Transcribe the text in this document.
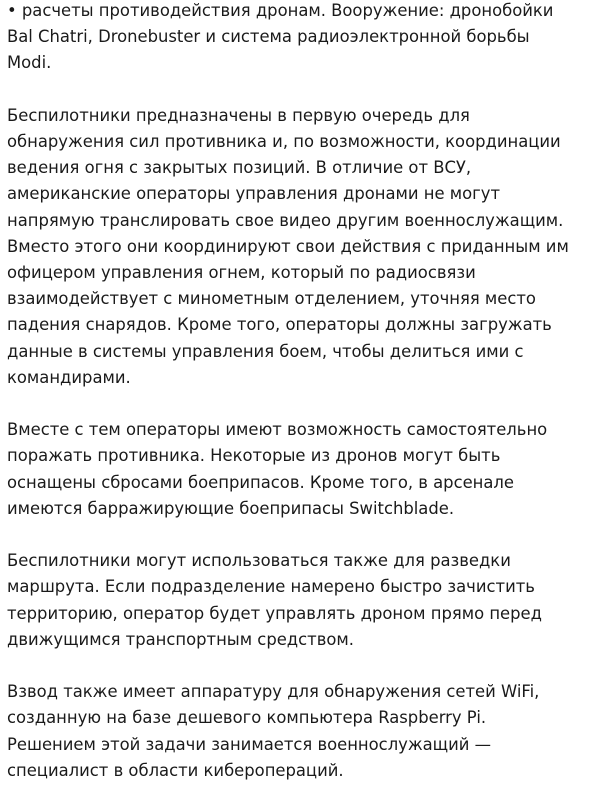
• расчеты противодействия дронам. Вооружение: дронобойки
Bal Chatri, Dronebuster и система радиоэлектронной борьбы
Modi.

Беспилотники предназначены в первую очередь для
обнаружения сил противника и, по возможности, координации
ведения огня с закрытых позиций. В отличие от ВСУ,
американские операторы управления дронами не могут
напрямую транслировать свое видео другим военнослужащим.
Вместо этого они координируют свои действия с приданным им
офицером управления огнем, который по радиосвязи
взаимодействует с минометным отделением, уточняя место
падения снарядов. Кроме того, операторы должны загружать
данные в системы управления боем, чтобы делиться ими с
командирами.

Вместе с тем операторы имеют возможность самостоятельно
поражать противника. Некоторые из дронов могут быть
оснащены сбросами боеприпасов. Кроме того, в арсенале
имеются барражирующие боеприпасы Switchblade.

Беспилотники могут использоваться также для разведки
маршрута. Если подразделение намерено быстро зачистить
территорию, оператор будет управлять дроном прямо перед
движущимся транспортным средством.

Взвод также имеет аппаратуру для обнаружения сетей WiFi,
созданную на базе дешевого компьютера Raspberry Pi.
Решением этой задачи занимается военнослужащий —
специалист в области киберопераций.
